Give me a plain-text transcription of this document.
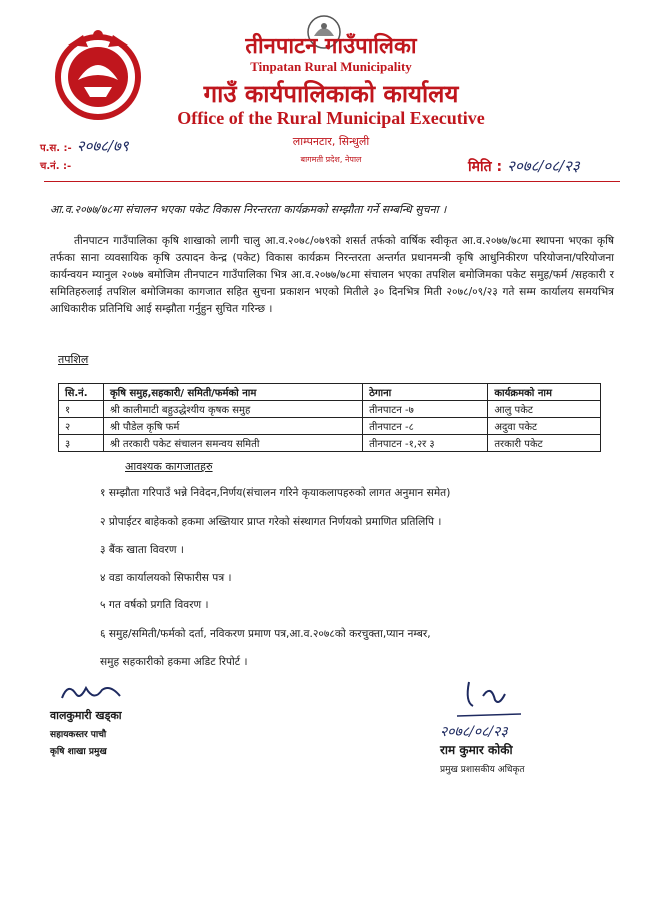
तीनपाटन गाउँपालिका
Tinpatan Rural Municipality
गाउँ कार्यपालिकाको कार्यालय
Office of the Rural Municipal Executive
लाम्पनटार, सिन्धुली
बागमती प्रदेश, नेपाल
प.स. :- २०७८/७९
च.नं. :-	मिति : २०७८/०८/२३
आ.व.२०७७/७८मा संचालन भएका पकेट विकास निरन्तरता कार्यक्रमको सम्झौता गर्ने सम्बन्धि सुचना ।
तीनपाटन गाउँपालिका कृषि शाखाको लागी चालु आ.व.२०७८/०७९को शसर्त तर्फको वार्षिक स्वीकृत आ.व.२०७७/७८मा स्थापना भएका कृषि तर्फका साना व्यवसायिक कृषि उत्पादन केन्द्र (पकेट) विकास कार्यक्रम निरन्तरता अन्तर्गत प्रधानमन्त्री कृषि आधुनिकीरण परियोजना/परियोजना कार्यन्वयन म्यानुल २०७७ बमोजिम तीनपाटन गाउँपालिका भित्र आ.व.२०७७/७८मा संचालन भएका तपशिल बमोजिमका पकेट समुह/फर्म /सहकारी र समितिहरुलाई तपशिल बमोजिमका कागजात सहित सुचना प्रकाशन भएको मितीले ३० दिनभित्र मिती २०७८/०९/२३ गते सम्म कार्यालय समयभित्र आधिकारीक प्रतिनिधि आई सम्झौता गर्नुहुन सुचित गरिन्छ ।
तपशिल
सि.नं.	कृषि समुह,सहकारी/ समिती/फर्मको नाम	ठेगाना	कार्यक्रमको नाम
१	श्री कालीमाटी बहुउद्धेश्यीय कृषक समुह	तीनपाटन -७	आलु पकेट
२	श्री पौडेल कृषि फर्म	तीनपाटन -८	अदुवा पकेट
३	श्री तरकारी पकेट संचालन समन्वय समिती	तीनपाटन -१,२र ३	तरकारी पकेट
आवश्यक कागजातहरु
१ सम्झौता गरिपाउँ भन्ने निवेदन,निर्णय(संचालन गरिने कृयाकलापहरुको लागत अनुमान समेत)
२ प्रोपाईटर बाहेकको हकमा अख्तियार प्राप्त गरेको संस्थागत निर्णयको प्रमाणित प्रतिलिपि ।
३ बैंक खाता विवरण ।
४ वडा कार्यालयको सिफारीस पत्र ।
५ गत वर्षको प्रगति विवरण ।
६ समुह/समिती/फर्मको दर्ता, नविकरण प्रमाण पत्र,आ.व.२०७८को करचुक्ता,प्यान नम्बर,
समुह सहकारीको हकमा अडिट रिपोर्ट ।
वालकुमारी खड्का
सहायकस्तर पाचौ
कृषि शाखा प्रमुख
२०७८/०८/२३
राम कुमार कोकी
प्रमुख प्रशासकीय अधिकृत
